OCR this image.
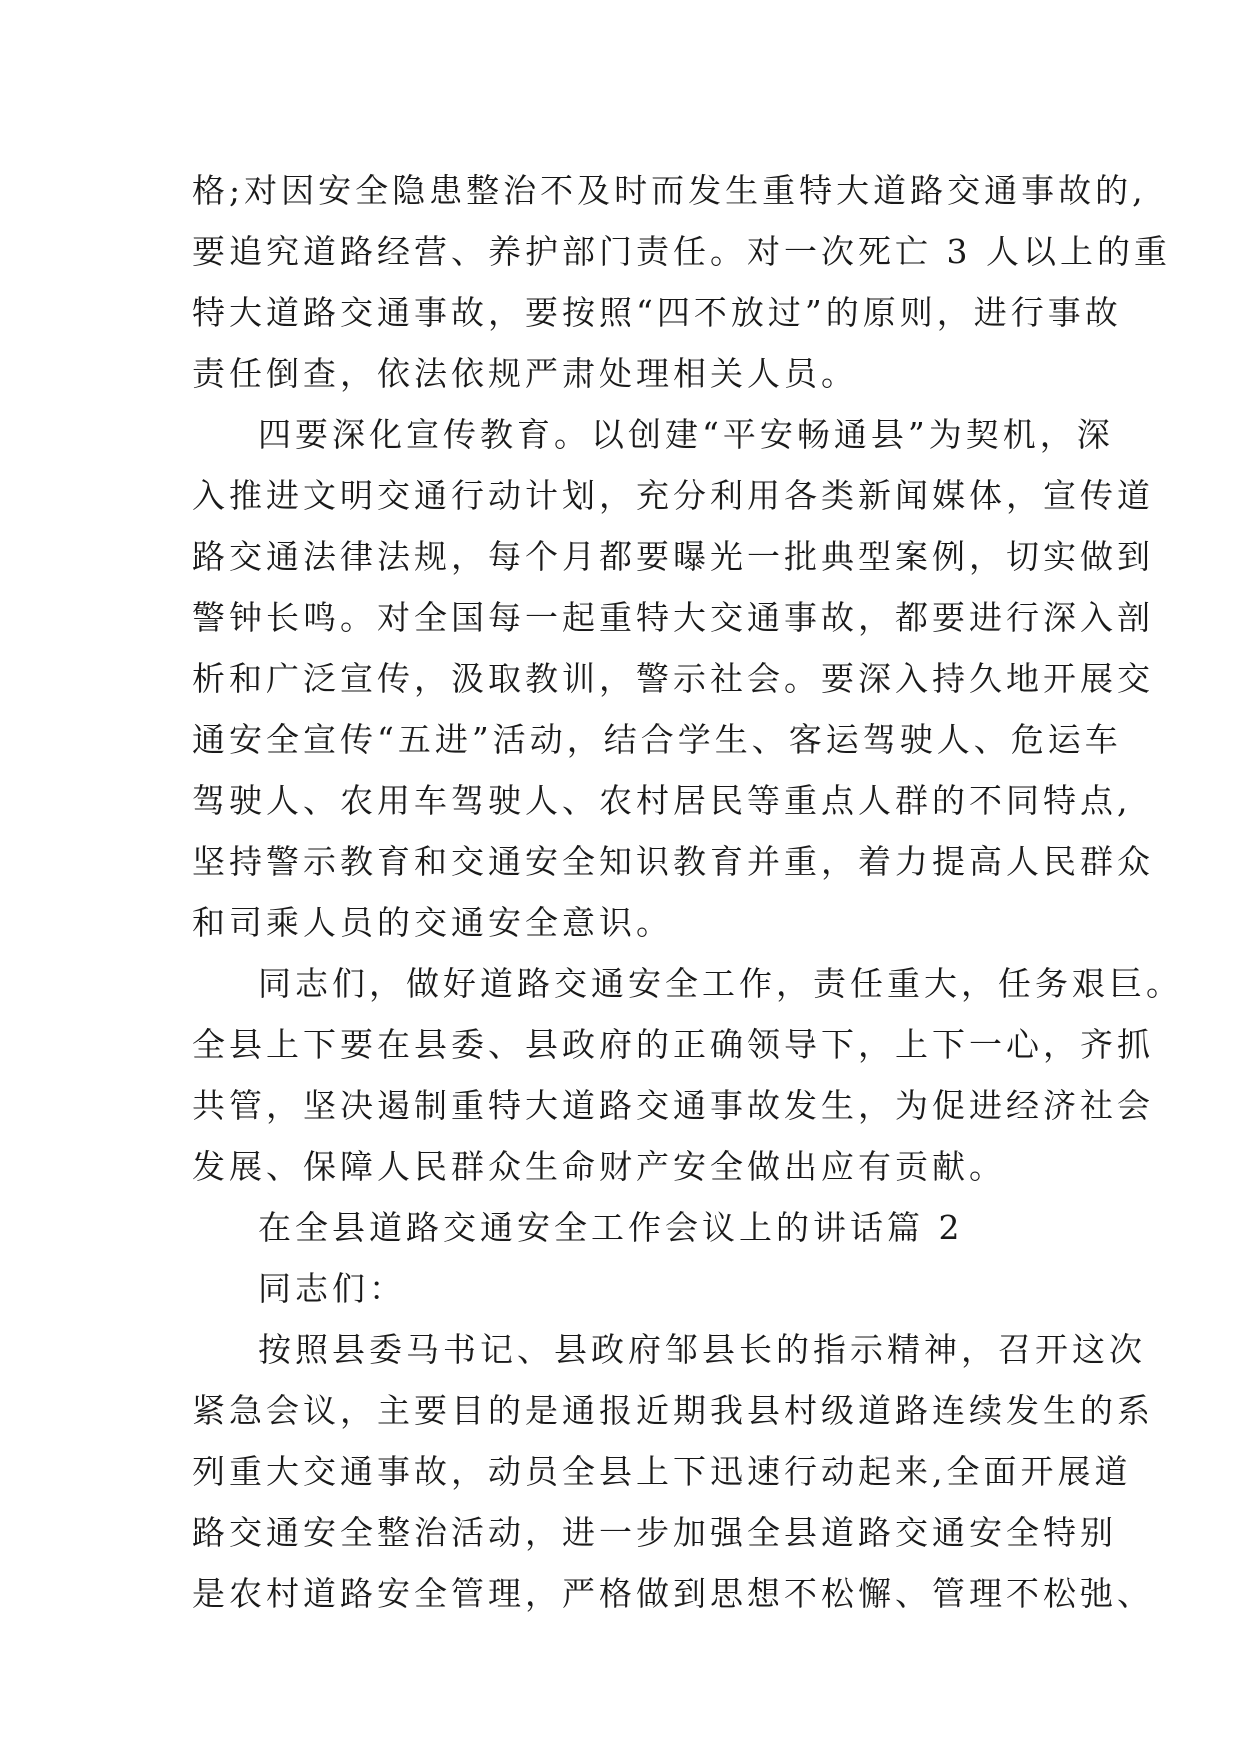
格;对因安全隐患整治不及时而发生重特大道路交通事故的,
要追究道路经营、养护部门责任。对一次死亡 3 人以上的重
特大道路交通事故，要按照“四不放过”的原则，进行事故
责任倒查，依法依规严肃处理相关人员。
四要深化宣传教育。以创建“平安畅通县”为契机，深
入推进文明交通行动计划，充分利用各类新闻媒体，宣传道
路交通法律法规，每个月都要曝光一批典型案例，切实做到
警钟长鸣。对全国每一起重特大交通事故，都要进行深入剖
析和广泛宣传，汲取教训，警示社会。要深入持久地开展交
通安全宣传“五进”活动，结合学生、客运驾驶人、危运车
驾驶人、农用车驾驶人、农村居民等重点人群的不同特点,
坚持警示教育和交通安全知识教育并重，着力提高人民群众
和司乘人员的交通安全意识。
同志们，做好道路交通安全工作，责任重大，任务艰巨。
全县上下要在县委、县政府的正确领导下，上下一心，齐抓
共管，坚决遏制重特大道路交通事故发生，为促进经济社会
发展、保障人民群众生命财产安全做出应有贡献。
在全县道路交通安全工作会议上的讲话篇 2
同志们：
按照县委马书记、县政府邹县长的指示精神，召开这次
紧急会议，主要目的是通报近期我县村级道路连续发生的系
列重大交通事故，动员全县上下迅速行动起来,全面开展道
路交通安全整治活动，进一步加强全县道路交通安全特别
是农村道路安全管理，严格做到思想不松懈、管理不松弛、
